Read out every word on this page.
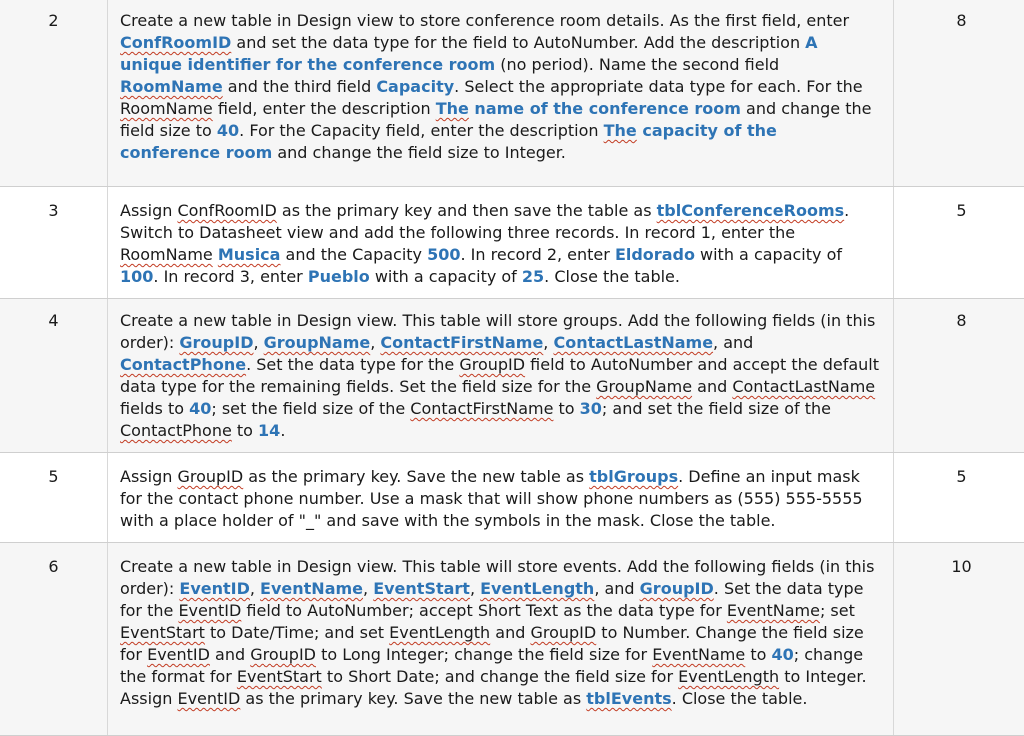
2	Create a new table in Design view to store conference room details. As the first field, enter ConfRoomID and set the data type for the field to AutoNumber. Add the description A unique identifier for the conference room (no period). Name the second field RoomName and the third field Capacity. Select the appropriate data type for each. For the RoomName field, enter the description The name of the conference room and change the field size to 40. For the Capacity field, enter the description The capacity of the conference room and change the field size to Integer.	8
3	Assign ConfRoomID as the primary key and then save the table as tblConferenceRooms. Switch to Datasheet view and add the following three records. In record 1, enter the RoomName Musica and the Capacity 500. In record 2, enter Eldorado with a capacity of 100. In record 3, enter Pueblo with a capacity of 25. Close the table.	5
4	Create a new table in Design view. This table will store groups. Add the following fields (in this order): GroupID, GroupName, ContactFirstName, ContactLastName, and ContactPhone. Set the data type for the GroupID field to AutoNumber and accept the default data type for the remaining fields. Set the field size for the GroupName and ContactLastName fields to 40; set the field size of the ContactFirstName to 30; and set the field size of the ContactPhone to 14.	8
5	Assign GroupID as the primary key. Save the new table as tblGroups. Define an input mask for the contact phone number. Use a mask that will show phone numbers as (555) 555-5555 with a place holder of "_" and save with the symbols in the mask. Close the table.	5
6	Create a new table in Design view. This table will store events. Add the following fields (in this order): EventID, EventName, EventStart, EventLength, and GroupID. Set the data type for the EventID field to AutoNumber; accept Short Text as the data type for EventName; set EventStart to Date/Time; and set EventLength and GroupID to Number. Change the field size for EventID and GroupID to Long Integer; change the field size for EventName to 40; change the format for EventStart to Short Date; and change the field size for EventLength to Integer. Assign EventID as the primary key. Save the new table as tblEvents. Close the table.	10
